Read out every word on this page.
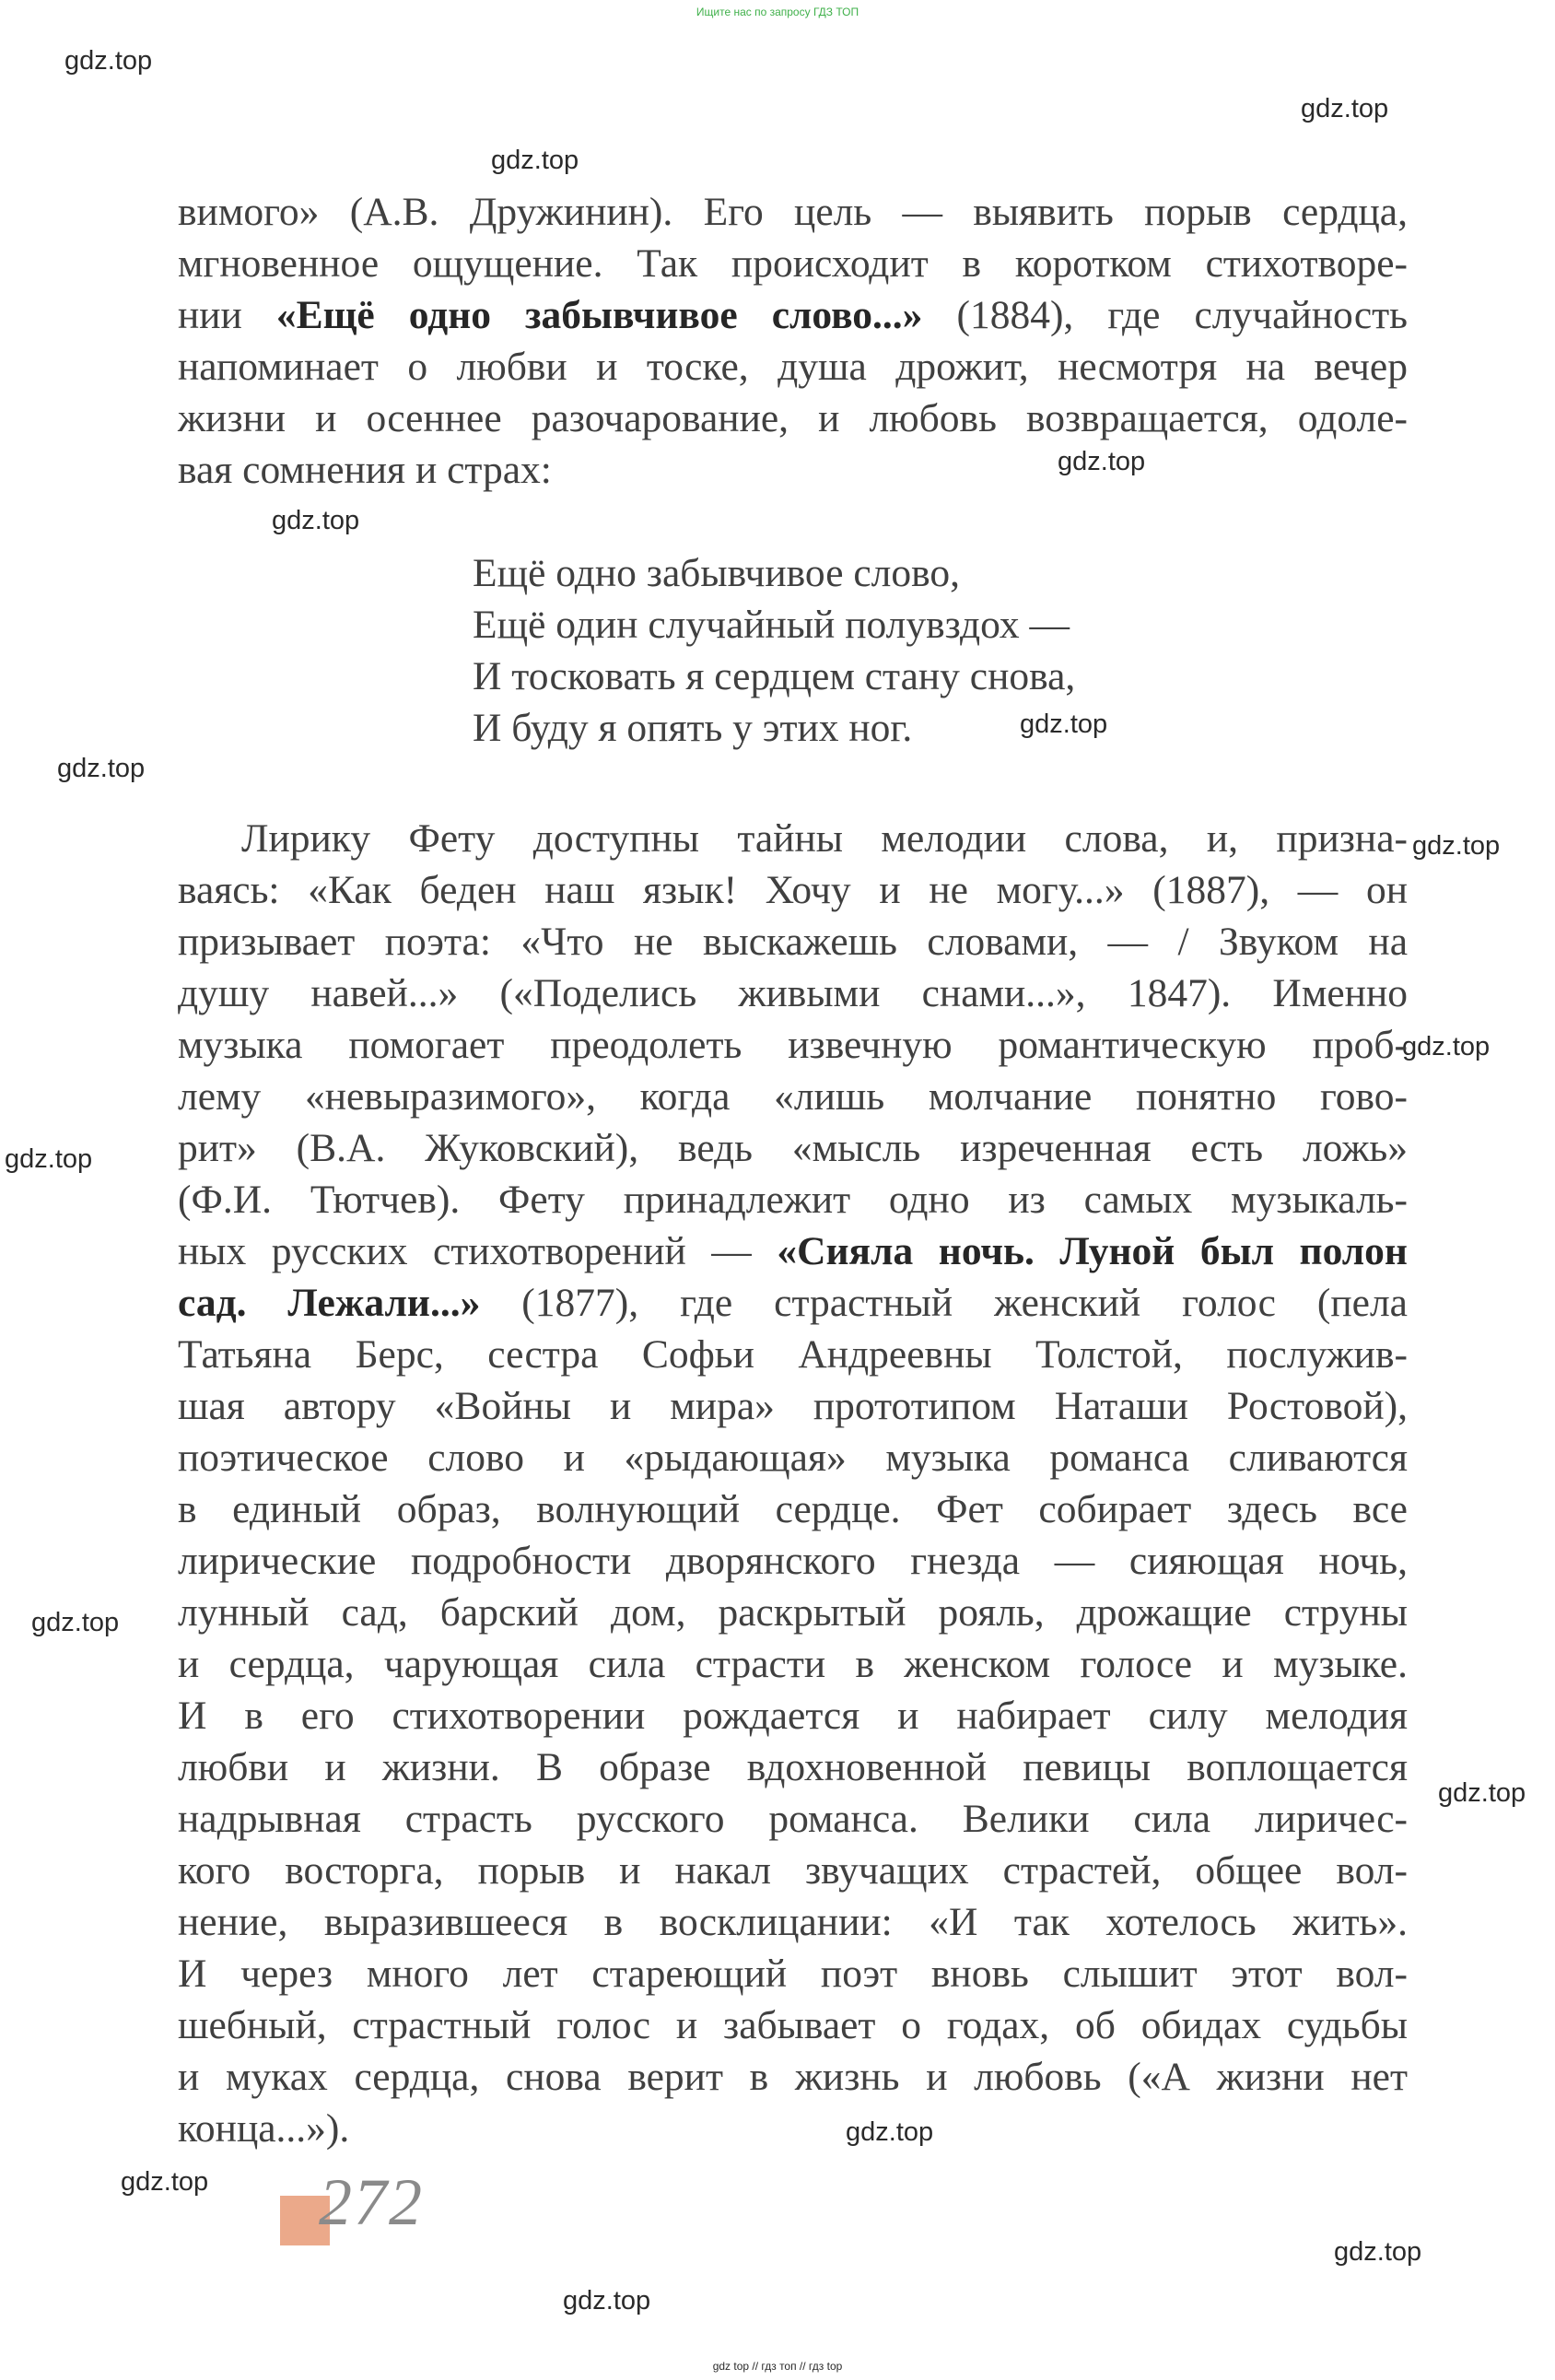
Ищите нас по запросу ГДЗ ТОП
gdz.top
gdz.top
gdz.top
gdz.top
gdz.top
gdz.top
gdz.top
gdz.top
gdz.top
gdz.top
gdz.top
gdz.top
gdz.top
gdz.top
gdz.top
gdz.top
вимого» (А.В. Дружинин). Его цель — выявить порыв сердца,
мгновенное ощущение. Так происходит в коротком стихотворе-
нии «Ещё одно забывчивое слово...» (1884), где случайность
напоминает о любви и тоске, душа дрожит, несмотря на вечер
жизни и осеннее разочарование, и любовь возвращается, одоле-
вая сомнения и страх:
Ещё одно забывчивое слово,
Ещё один случайный полувздох —
И тосковать я сердцем стану снова,
И буду я опять у этих ног.
Лирику Фету доступны тайны мелодии слова, и, призна-
ваясь: «Как беден наш язык! Хочу и не могу...» (1887), — он
призывает поэта: «Что не выскажешь словами, — / Звуком на
душу навей...» («Поделись живыми снами...», 1847). Именно
музыка помогает преодолеть извечную романтическую проб-
лему «невыразимого», когда «лишь молчание понятно гово-
рит» (В.А. Жуковский), ведь «мысль изреченная есть ложь»
(Ф.И. Тютчев). Фету принадлежит одно из самых музыкаль-
ных русских стихотворений — «Сияла ночь. Луной был полон
сад. Лежали...» (1877), где страстный женский голос (пела
Татьяна Берс, сестра Софьи Андреевны Толстой, послужив-
шая автору «Войны и мира» прототипом Наташи Ростовой),
поэтическое слово и «рыдающая» музыка романса сливаются
в единый образ, волнующий сердце. Фет собирает здесь все
лирические подробности дворянского гнезда — сияющая ночь,
лунный сад, барский дом, раскрытый рояль, дрожащие струны
и сердца, чарующая сила страсти в женском голосе и музыке.
И в его стихотворении рождается и набирает силу мелодия
любви и жизни. В образе вдохновенной певицы воплощается
надрывная страсть русского романса. Велики сила лиричес-
кого восторга, порыв и накал звучащих страстей, общее вол-
нение, выразившееся в восклицании: «И так хотелось жить».
И через много лет стареющий поэт вновь слышит этот вол-
шебный, страстный голос и забывает о годах, об обидах судьбы
и муках сердца, снова верит в жизнь и любовь («А жизни нет
конца...»).
272
gdz top // гдз топ // гдз top
